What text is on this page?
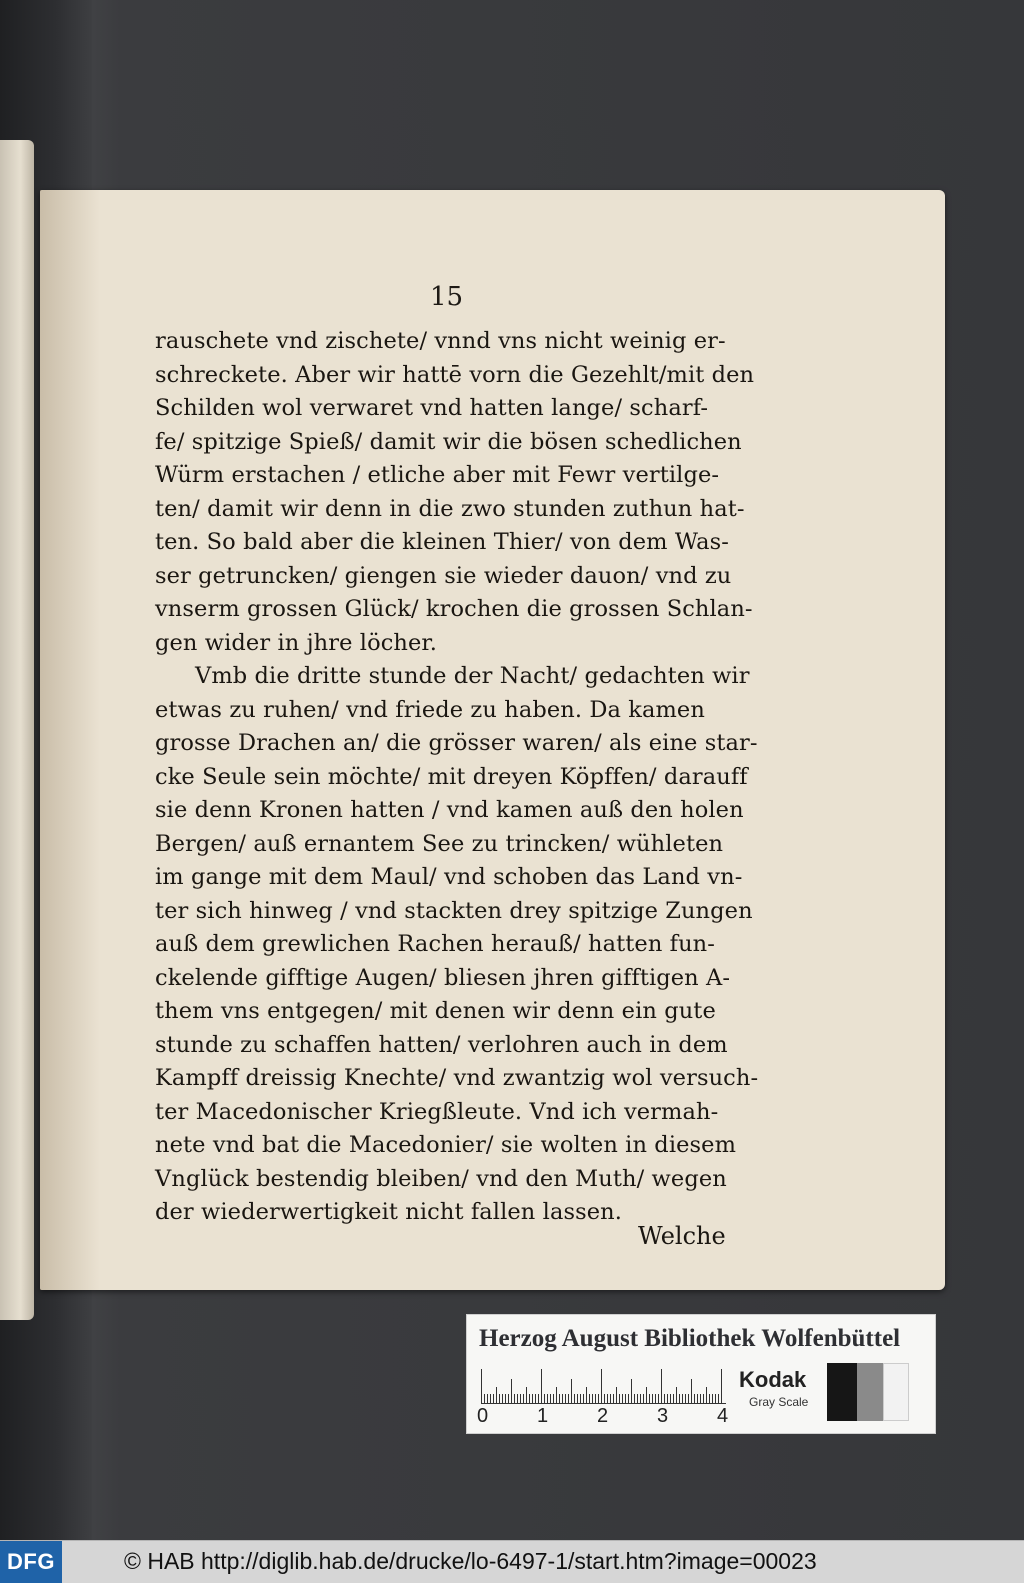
15
rauschete vnd zischete/ vnnd vns nicht weinig er-
schreckete. Aber wir hattē vorn die Gezehlt/mit den
Schilden wol verwaret vnd hatten lange/ scharf-
fe/ spitzige Spieß/ damit wir die bösen schedlichen
Würm erstachen / etliche aber mit Fewr vertilge-
ten/ damit wir denn in die zwo stunden zuthun hat-
ten. So bald aber die kleinen Thier/ von dem Was-
ser getruncken/ giengen sie wieder dauon/ vnd zu
vnserm grossen Glück/ krochen die grossen Schlan-
gen wider in jhre löcher.
Vmb die dritte stunde der Nacht/ gedachten wir
etwas zu ruhen/ vnd friede zu haben. Da kamen
grosse Drachen an/ die grösser waren/ als eine star-
cke Seule sein möchte/ mit dreyen Köpffen/ darauff
sie denn Kronen hatten / vnd kamen auß den holen
Bergen/ auß ernantem See zu trincken/ wühleten
im gange mit dem Maul/ vnd schoben das Land vn-
ter sich hinweg / vnd stackten drey spitzige Zungen
auß dem grewlichen Rachen herauß/ hatten fun-
ckelende gifftige Augen/ bliesen jhren gifftigen A-
them vns entgegen/ mit denen wir denn ein gute
stunde zu schaffen hatten/ verlohren auch in dem
Kampff dreissig Knechte/ vnd zwantzig wol versuch-
ter Macedonischer Kriegßleute. Vnd ich vermah-
nete vnd bat die Macedonier/ sie wolten in diesem
Vnglück bestendig bleiben/ vnd den Muth/ wegen
der wiederwertigkeit nicht fallen lassen.
Welche
Herzog August Bibliothek Wolfenbüttel
0 1 2 3 4
Kodak
Gray Scale
DFG	© HAB http://diglib.hab.de/drucke/lo-6497-1/start.htm?image=00023
